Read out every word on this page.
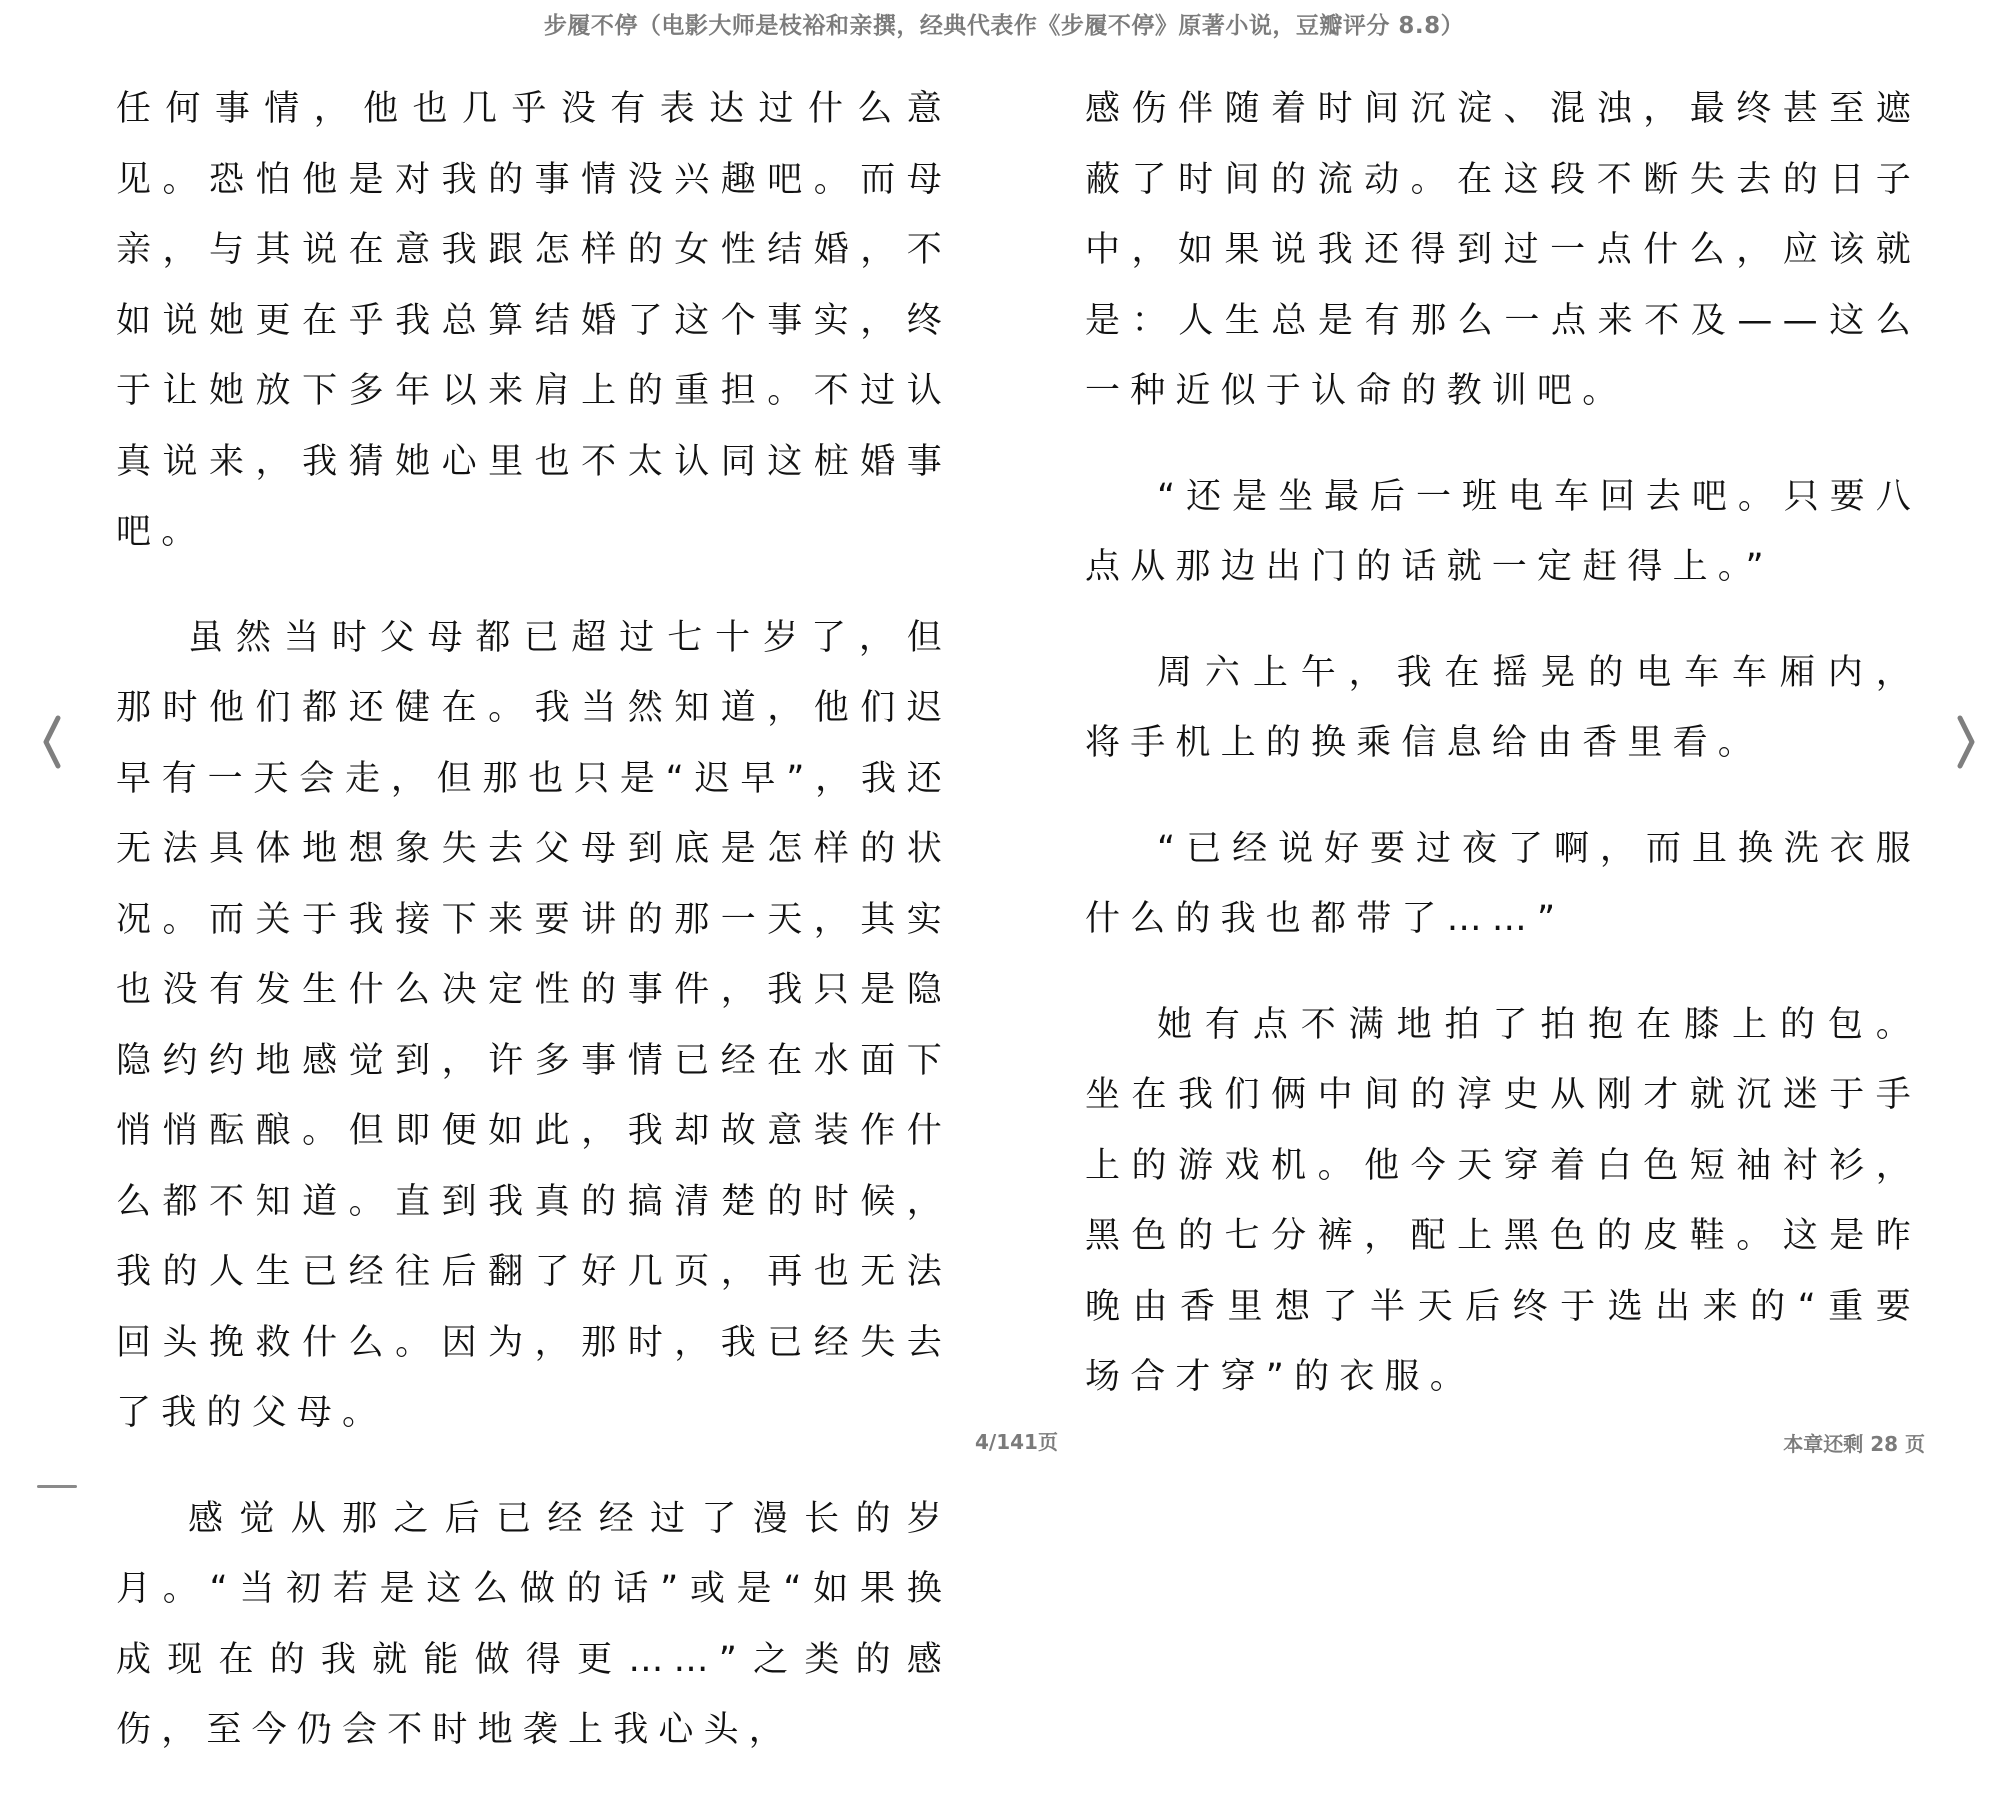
步履不停（电影大师是枝裕和亲撰，经典代表作《步履不停》原著小说，豆瓣评分 8.8）

任何事情，他也几乎没有表达过什么意见。恐怕他是对我的事情没兴趣吧。而母亲，与其说在意我跟怎样的女性结婚，不如说她更在乎我总算结婚了这个事实，终于让她放下多年以来肩上的重担。不过认真说来，我猜她心里也不太认同这桩婚事吧。

虽然当时父母都已超过七十岁了，但那时他们都还健在。我当然知道，他们迟早有一天会走，但那也只是“迟早”，我还无法具体地想象失去父母到底是怎样的状况。而关于我接下来要讲的那一天，其实也没有发生什么决定性的事件，我只是隐隐约约地感觉到，许多事情已经在水面下悄悄酝酿。但即便如此，我却故意装作什么都不知道。直到我真的搞清楚的时候，我的人生已经往后翻了好几页，再也无法回头挽救什么。因为，那时，我已经失去了我的父母。

感觉从那之后已经经过了漫长的岁月。“当初若是这么做的话”或是“如果换成现在的我就能做得更……”之类的感伤，至今仍会不时地袭上我心头，

感伤伴随着时间沉淀、混浊，最终甚至遮蔽了时间的流动。在这段不断失去的日子中，如果说我还得到过一点什么，应该就是：人生总是有那么一点来不及——这么一种近似于认命的教训吧。

“还是坐最后一班电车回去吧。只要八点从那边出门的话就一定赶得上。”

周六上午，我在摇晃的电车车厢内，将手机上的换乘信息给由香里看。

“已经说好要过夜了啊，而且换洗衣服什么的我也都带了……”

她有点不满地拍了拍抱在膝上的包。坐在我们俩中间的淳史从刚才就沉迷于手上的游戏机。他今天穿着白色短袖衬衫，黑色的七分裤，配上黑色的皮鞋。这是昨晚由香里想了半天后终于选出来的“重要场合才穿”的衣服。

4/141页	本章还剩 28 页
